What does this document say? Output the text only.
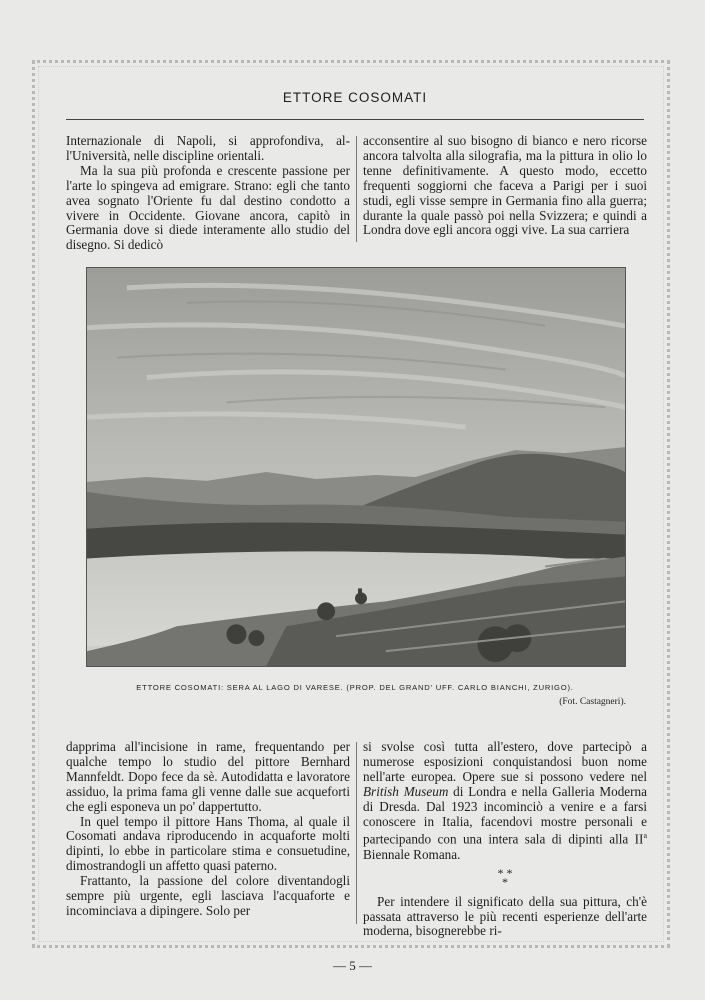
ETTORE COSOMATI

Internazionale di Napoli, si approfondiva, al-l'Università, nelle discipline orientali.

Ma la sua più profonda e crescente passione per l'arte lo spingeva ad emigrare. Strano: egli che tanto avea sognato l'Oriente fu dal destino condotto a vivere in Occidente. Giovane ancora, capitò in Germania dove si diede interamente allo studio del disegno. Si dedicò

acconsentire al suo bisogno di bianco e nero ricorse ancora talvolta alla silografia, ma la pittura in olio lo tenne definitivamente. A questo modo, eccetto frequenti soggiorni che faceva a Parigi per i suoi studi, egli visse sempre in Germania fino alla guerra; durante la quale passò poi nella Svizzera; e quindi a Londra dove egli ancora oggi vive. La sua carriera

ETTORE COSOMATI: SERA AL LAGO DI VARESE. (PROP. DEL GRAND' UFF. CARLO BIANCHI, ZURIGO).
(Fot. Castagneri).

dapprima all'incisione in rame, frequentando per qualche tempo lo studio del pittore Bernhard Mannfeldt. Dopo fece da sè. Autodidatta e lavoratore assiduo, la prima fama gli venne dalle sue acqueforti che egli esponeva un po' dappertutto.

In quel tempo il pittore Hans Thoma, al quale il Cosomati andava riproducendo in acquaforte molti dipinti, lo ebbe in particolare stima e consuetudine, dimostrandogli un affetto quasi paterno.

Frattanto, la passione del colore diventandogli sempre più urgente, egli lasciava l'acquaforte e incominciava a dipingere. Solo per

si svolse così tutta all'estero, dove partecipò a numerose esposizioni conquistandosi buon nome nell'arte europea. Opere sue si possono vedere nel British Museum di Londra e nella Galleria Moderna di Dresda. Dal 1923 incominciò a venire e a farsi conoscere in Italia, facendovi mostre personali e partecipando con una intera sala di dipinti alla $II^a$ Biennale Romana.

* *
*

Per intendere il significato della sua pittura, ch'è passata attraverso le più recenti esperienze dell'arte moderna, bisognerebbe ri-

— 5 —
